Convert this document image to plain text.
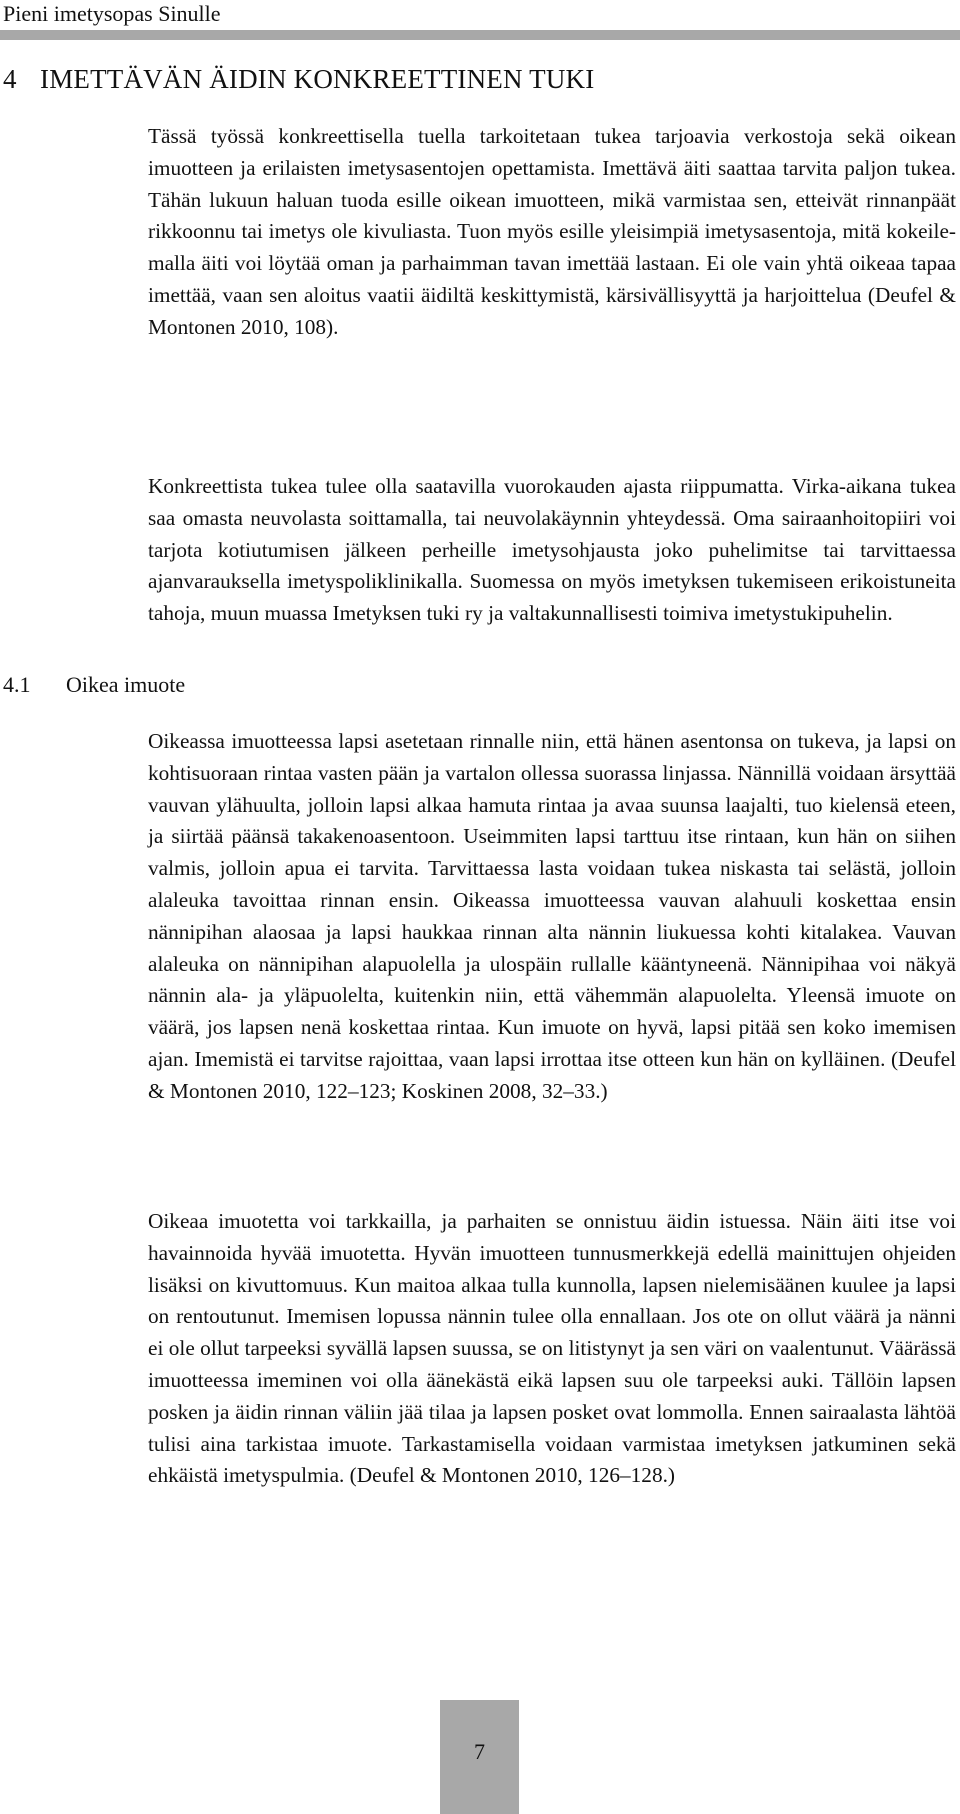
Pieni imetysopas Sinulle
4 IMETTÄVÄN ÄIDIN KONKREETTINEN TUKI

Tässä työssä konkreettisella tuella tarkoitetaan tukea tarjoavia verkostoja sekä oikean imuotteen ja erilaisten imetysasentojen opettamista. Imettävä äiti saattaa tarvita paljon tukea. Tähän lukuun haluan tuoda esille oikean imuotteen, mikä varmistaa sen, etteivät rinnanpäät rikkoonnu tai imetys ole kivuliasta. Tuon myös esille yleisimpiä imetysasentoja, mitä kokeilemalla äiti voi löytää oman ja parhaimman tavan imettää lastaan. Ei ole vain yhtä oikeaa tapaa imettää, vaan sen aloitus vaatii äidiltä keskittymistä, kärsivällisyyttä ja harjoittelua (Deufel & Montonen 2010, 108).

Konkreettista tukea tulee olla saatavilla vuorokauden ajasta riippumatta. Virka-aikana tukea saa omasta neuvolasta soittamalla, tai neuvolakäynnin yhteydessä. Oma sairaanhoitopiiri voi tarjota kotiutumisen jälkeen perheille imetysohjausta joko puhelimitse tai tarvittaessa ajanvarauksella imetyspoliklinikalla. Suomessa on myös imetyksen tukemiseen erikoistuneita tahoja, muun muassa Imetyksen tuki ry ja valtakunnallisesti toimiva imetystukipuhelin.

4.1 Oikea imuote

Oikeassa imuotteessa lapsi asetetaan rinnalle niin, että hänen asentonsa on tukeva, ja lapsi on kohtisuoraan rintaa vasten pään ja vartalon ollessa suorassa linjassa. Nännillä voidaan ärsyttää vauvan ylähuulta, jolloin lapsi alkaa hamuta rintaa ja avaa suunsa laajalti, tuo kielensä eteen, ja siirtää päänsä takakenoasentoon. Useimmiten lapsi tarttuu itse rintaan, kun hän on siihen valmis, jolloin apua ei tarvita. Tarvittaessa lasta voidaan tukea niskasta tai selästä, jolloin alaleuka tavoittaa rinnan ensin. Oikeassa imuotteessa vauvan alahuuli koskettaa ensin nännipihan alaosaa ja lapsi haukkaa rinnan alta nännin liukuessa kohti kitalakea. Vauvan alaleuka on nännipihan alapuolella ja ulospäin rullalle kääntyneenä. Nännipihaa voi näkyä nännin ala- ja yläpuolelta, kuitenkin niin, että vähemmän alapuolelta. Yleensä imuote on väärä, jos lapsen nenä koskettaa rintaa. Kun imuote on hyvä, lapsi pitää sen koko imemisen ajan. Imemistä ei tarvitse rajoittaa, vaan lapsi irrottaa itse otteen kun hän on kylläinen. (Deufel & Montonen 2010, 122–123; Koskinen 2008, 32–33.)

Oikeaa imuotetta voi tarkkailla, ja parhaiten se onnistuu äidin istuessa. Näin äiti itse voi havainnoida hyvää imuotetta. Hyvän imuotteen tunnusmerkkejä edellä mainittujen ohjeiden lisäksi on kivuttomuus. Kun maitoa alkaa tulla kunnolla, lapsen nielemisäänen kuulee ja lapsi on rentoutunut. Imemisen lopussa nännin tulee olla ennallaan. Jos ote on ollut väärä ja nänni ei ole ollut tarpeeksi syvällä lapsen suussa, se on litistynyt ja sen väri on vaalentunut. Väärässä imuotteessa imeminen voi olla äänekästä eikä lapsen suu ole tarpeeksi auki. Tällöin lapsen posken ja äidin rinnan väliin jää tilaa ja lapsen posket ovat lommolla. Ennen sairaalasta lähtöä tulisi aina tarkistaa imuote. Tarkastamisella voidaan varmistaa imetyksen jatkuminen sekä ehkäistä imetyspulmia. (Deufel & Montonen 2010, 126–128.)

7
